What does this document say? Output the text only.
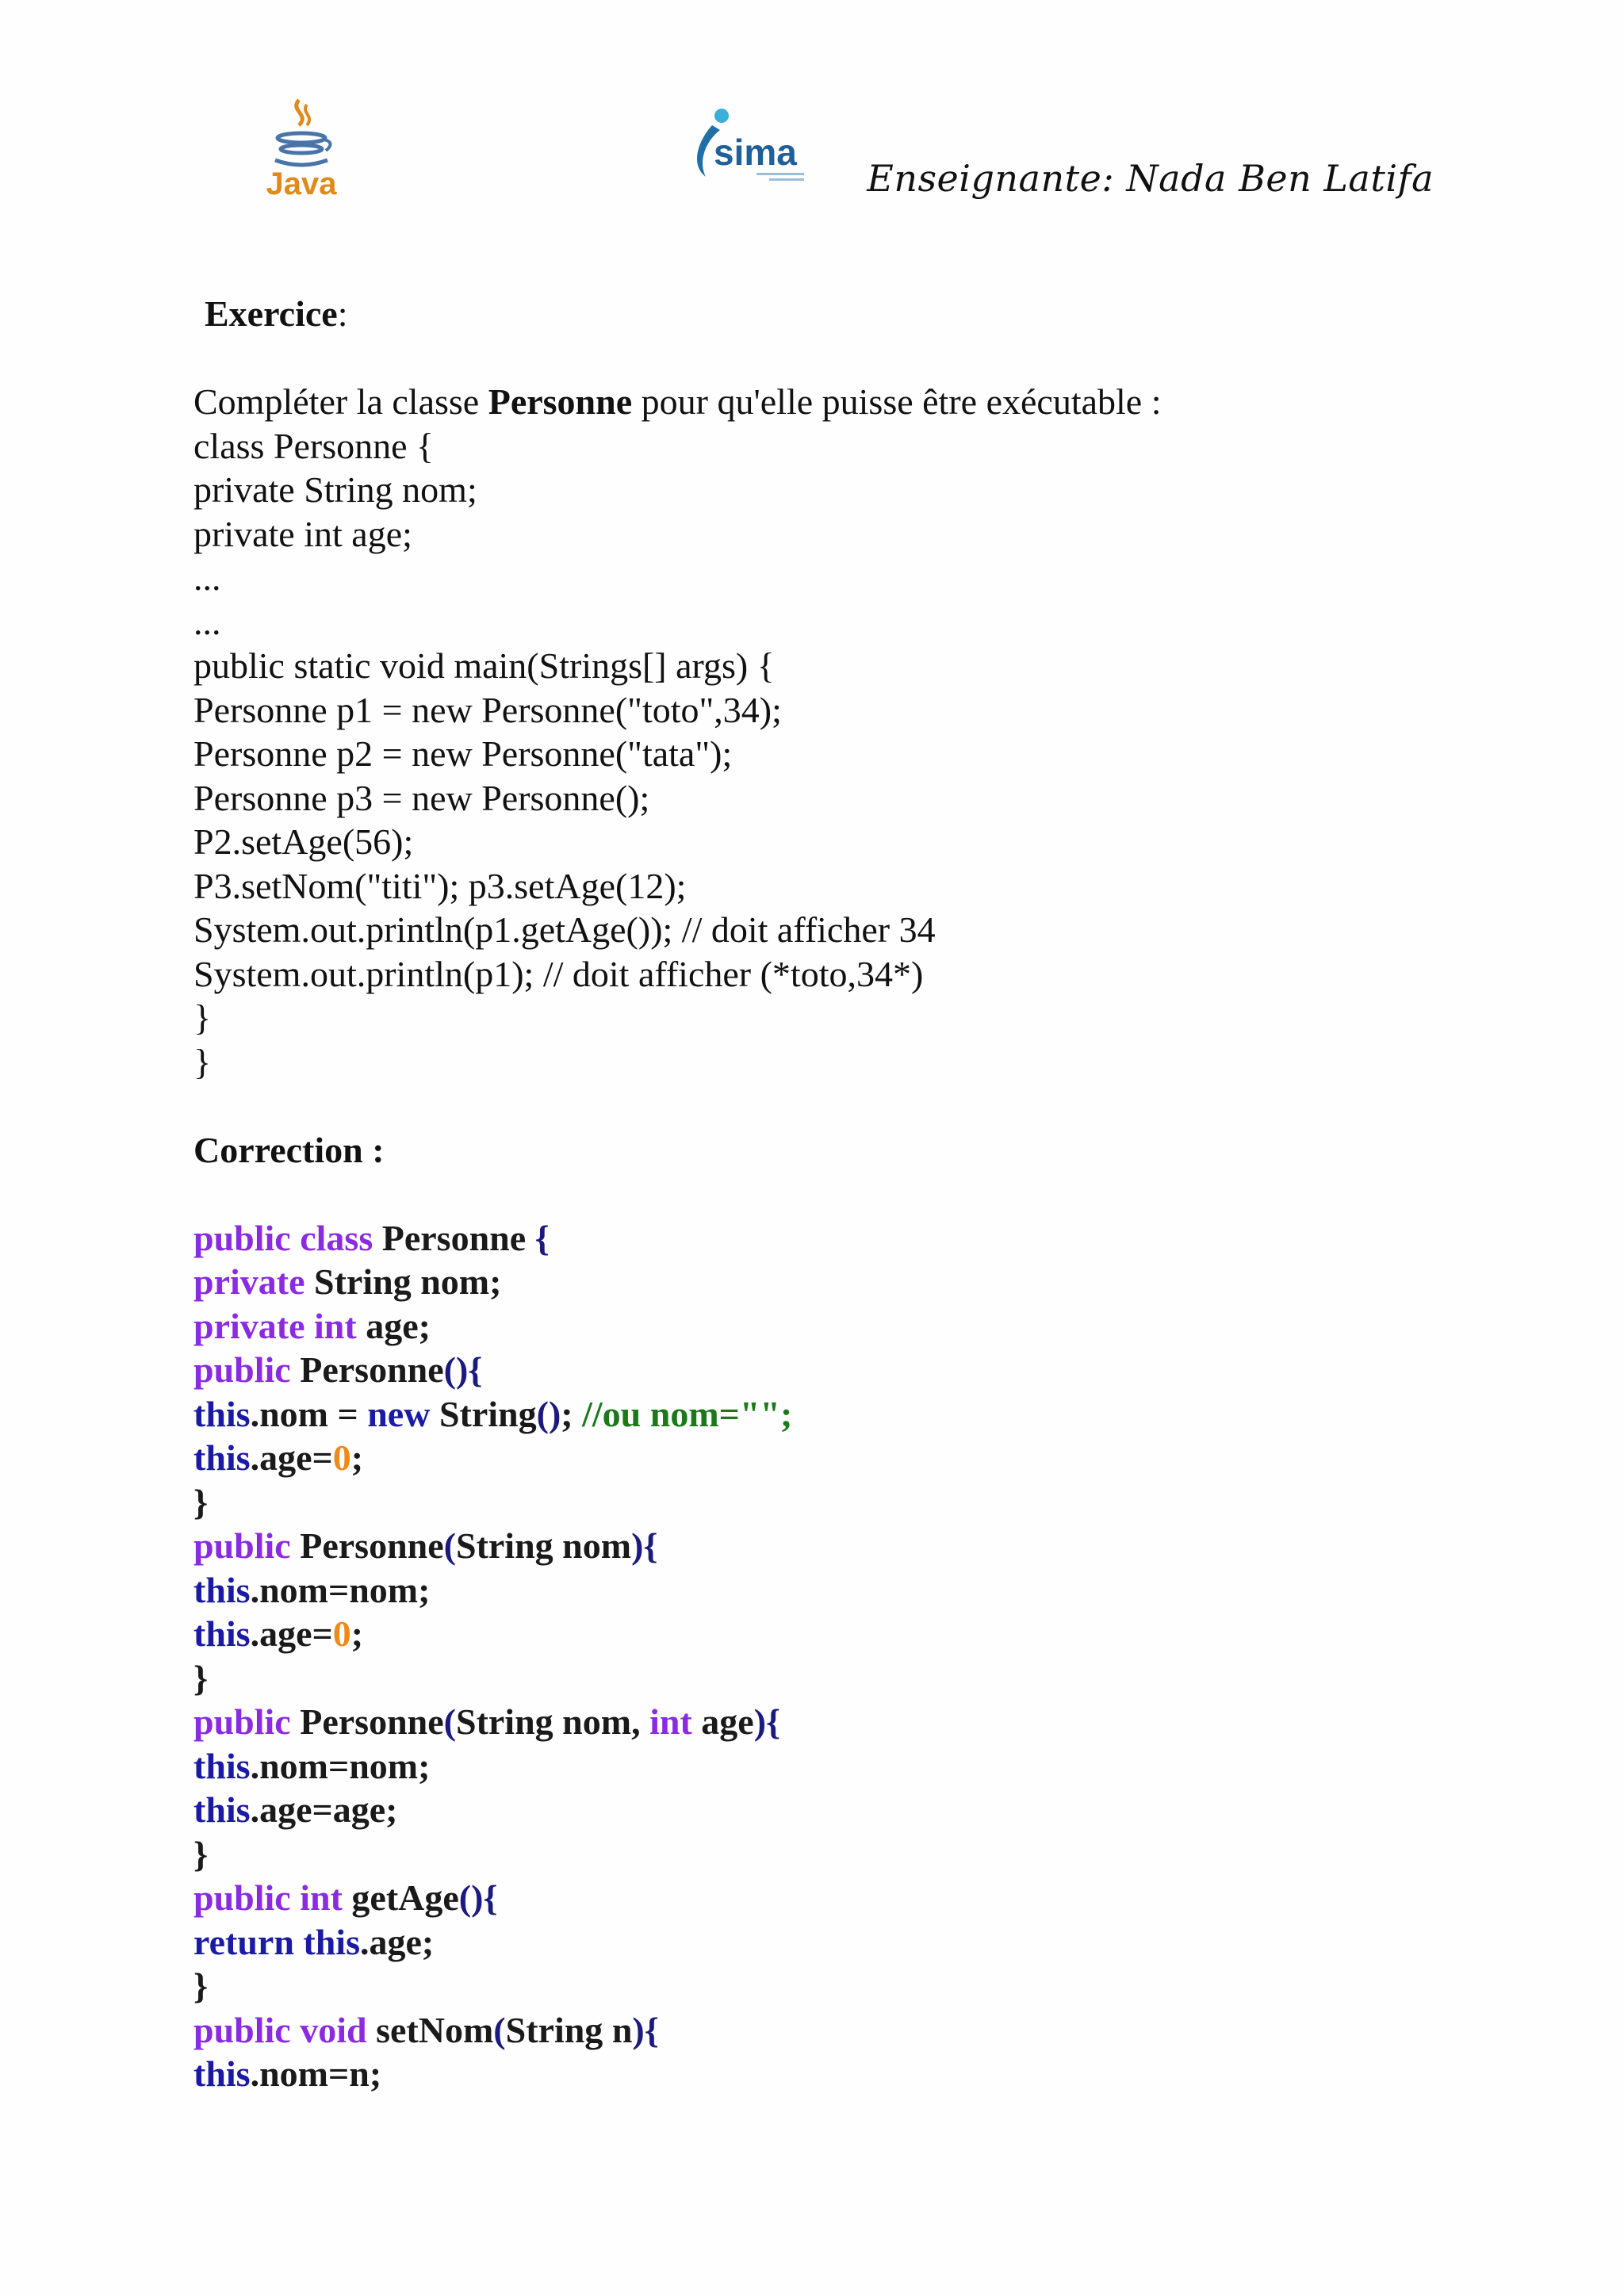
Java
sima
Enseignante: Nada Ben Latifa
Exercice:
Compléter la classe Personne pour qu'elle puisse être exécutable :
class Personne {
private String nom;
private int age;
...
...
public static void main(Strings[] args) {
Personne p1 = new Personne("toto",34);
Personne p2 = new Personne("tata");
Personne p3 = new Personne();
P2.setAge(56);
P3.setNom("titi"); p3.setAge(12);
System.out.println(p1.getAge()); // doit afficher 34
System.out.println(p1); // doit afficher (*toto,34*)
}
}
Correction :
public class Personne {
private String nom;
private int age;
public Personne(){
this.nom = new String(); //ou nom="";
this.age=0;
}
public Personne(String nom){
this.nom=nom;
this.age=0;
}
public Personne(String nom, int age){
this.nom=nom;
this.age=age;
}
public int getAge(){
return this.age;
}
public void setNom(String n){
this.nom=n;
